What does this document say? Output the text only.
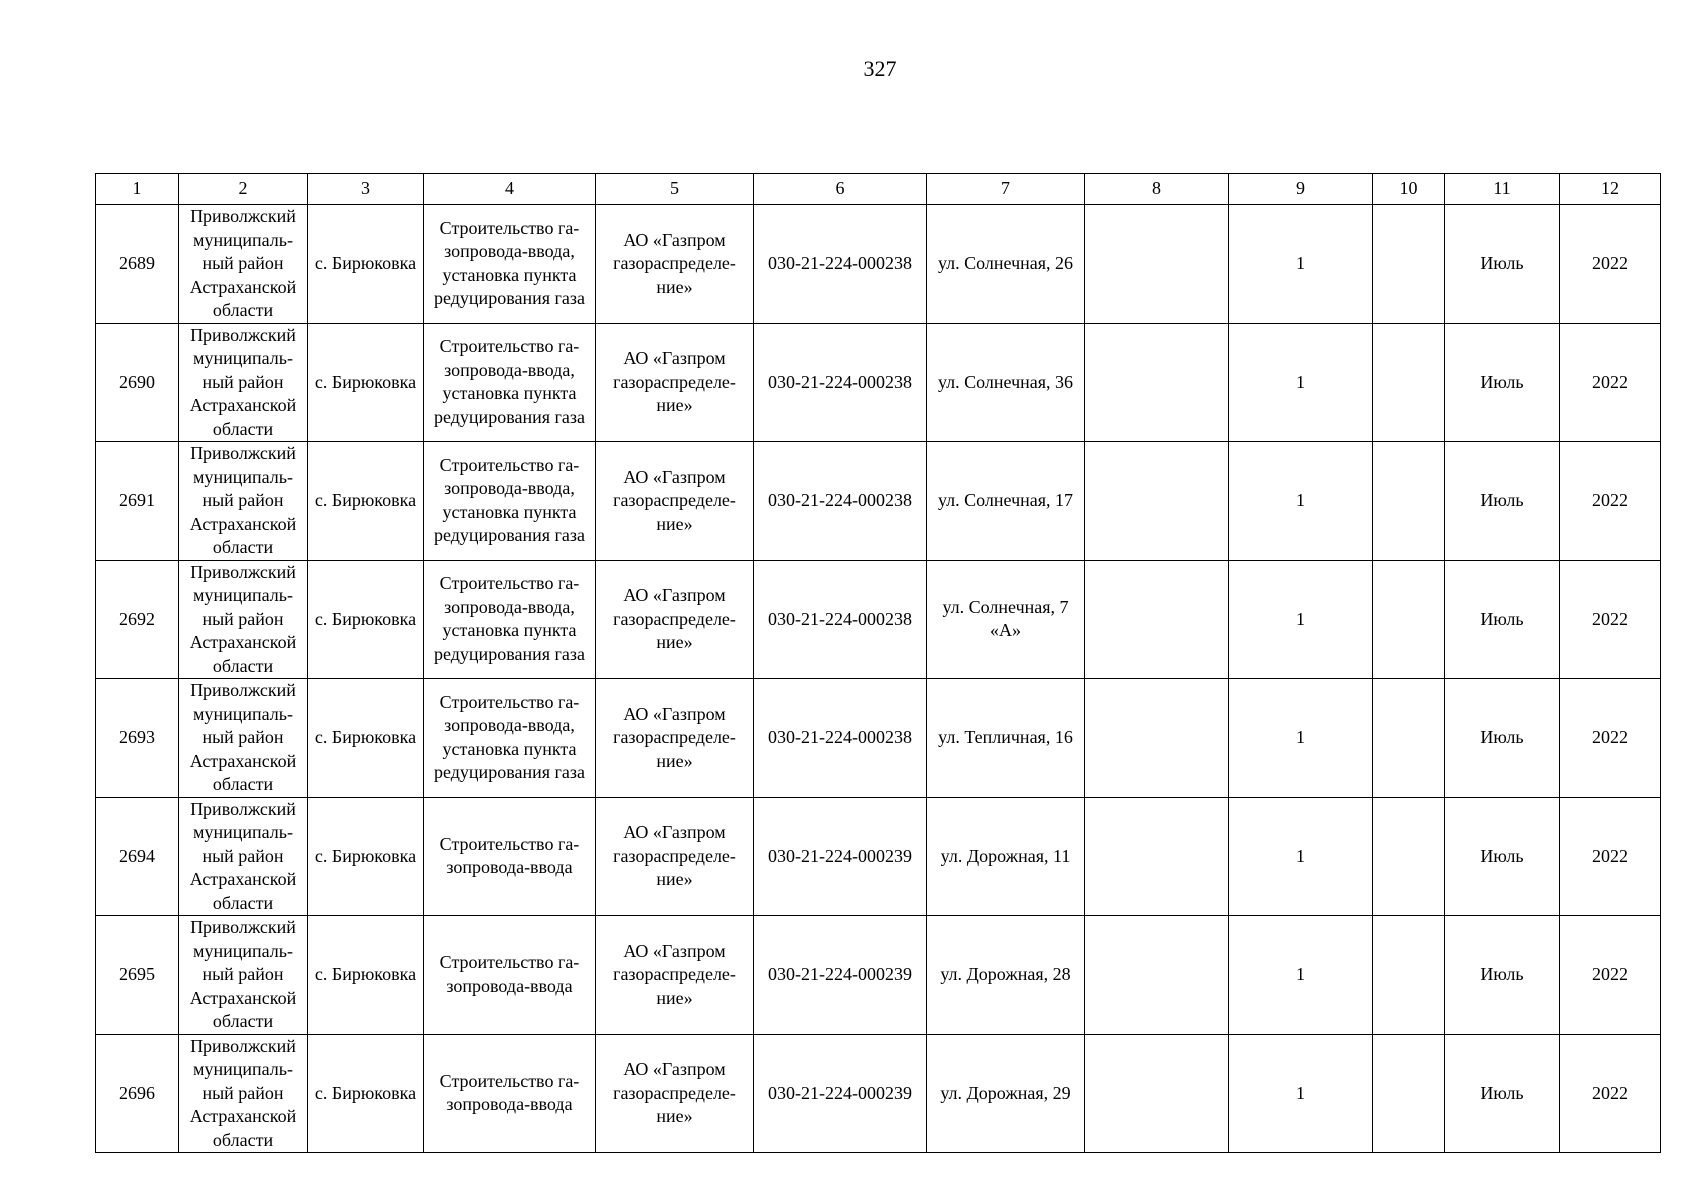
327
1	2	3	4	5	6	7	8	9	10	11	12
2689	Приволжский
муниципаль-
ный район
Астраханской
области	с. Бирюковка	Строительство га-
зопровода-ввода,
установка пункта
редуцирования газа	АО «Газпром
газораспределе-
ние»	030-21-224-000238	ул. Солнечная, 26		1		Июль	2022
2690	Приволжский
муниципаль-
ный район
Астраханской
области	с. Бирюковка	Строительство га-
зопровода-ввода,
установка пункта
редуцирования газа	АО «Газпром
газораспределе-
ние»	030-21-224-000238	ул. Солнечная, 36		1		Июль	2022
2691	Приволжский
муниципаль-
ный район
Астраханской
области	с. Бирюковка	Строительство га-
зопровода-ввода,
установка пункта
редуцирования газа	АО «Газпром
газораспределе-
ние»	030-21-224-000238	ул. Солнечная, 17		1		Июль	2022
2692	Приволжский
муниципаль-
ный район
Астраханской
области	с. Бирюковка	Строительство га-
зопровода-ввода,
установка пункта
редуцирования газа	АО «Газпром
газораспределе-
ние»	030-21-224-000238	ул. Солнечная, 7
«А»		1		Июль	2022
2693	Приволжский
муниципаль-
ный район
Астраханской
области	с. Бирюковка	Строительство га-
зопровода-ввода,
установка пункта
редуцирования газа	АО «Газпром
газораспределе-
ние»	030-21-224-000238	ул. Тепличная, 16		1		Июль	2022
2694	Приволжский
муниципаль-
ный район
Астраханской
области	с. Бирюковка	Строительство га-
зопровода-ввода	АО «Газпром
газораспределе-
ние»	030-21-224-000239	ул. Дорожная, 11		1		Июль	2022
2695	Приволжский
муниципаль-
ный район
Астраханской
области	с. Бирюковка	Строительство га-
зопровода-ввода	АО «Газпром
газораспределе-
ние»	030-21-224-000239	ул. Дорожная, 28		1		Июль	2022
2696	Приволжский
муниципаль-
ный район
Астраханской
области	с. Бирюковка	Строительство га-
зопровода-ввода	АО «Газпром
газораспределе-
ние»	030-21-224-000239	ул. Дорожная, 29		1		Июль	2022
